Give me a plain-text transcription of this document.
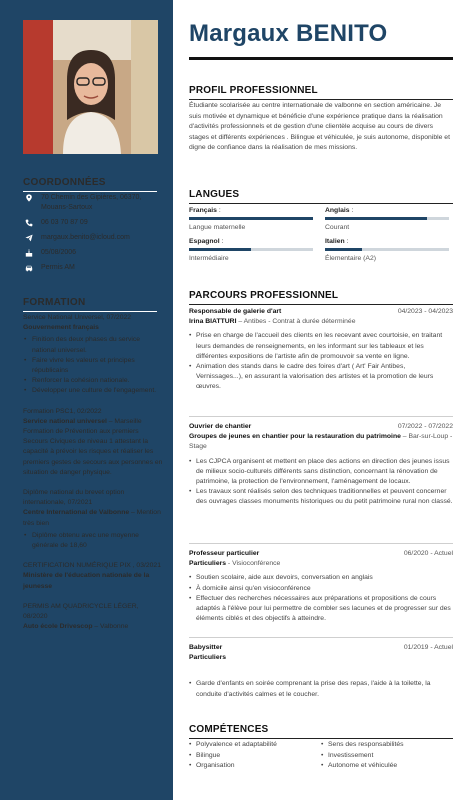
COORDONNÉES
70 Chemin des Gipières, 06370, Mouans-Sartoux
06 03 70 87 09
margaux.benito@icloud.com
05/08/2006
Permis AM
FORMATION
Service National Universel, 07/2022
Gouvernement français
• Finition des deux phases du service national universel.
• Faire vivre les valeurs et principes républicains
• Renforcer la cohésion nationale.
• Développer une culture de l'engagement.
Formation PSC1, 02/2022
Service national universel – Marseille Formation de Prévention aux premiers Secours Civiques de niveau 1 attestant la capacité à prévoir les risques et réaliser les premiers gestes de secours aux personnes en situation de danger physique.
Diplôme national du brevet option internationale, 07/2021
Centre International de Valbonne – Mention très bien
• Diplôme obtenu avec une moyenne générale de 18,60
CERTIFICATION NUMÉRIQUE PIX , 03/2021
Ministère de l'éducation nationale de la jeunesse
PERMIS AM QUADRICYCLE LÉGER, 08/2020
Auto école Drivescop – Valbonne
Margaux BENITO
PROFIL PROFESSIONNEL
Étudiante scolarisée au centre internationale de valbonne en section américaine. Je suis motivée et dynamique et bénéficie d'une expérience pratique dans la réalisation d'activités professionnels et de gestion d'une clientèle acquise au cours de divers stages et différents expériences . Bilingue et véhiculée, je suis autonome, disponible et digne de confiance dans la réalisation de mes missions.
LANGUES
Français :
Langue maternelle
Anglais :
Courant
Espagnol :
Intermédiaire
Italien :
Élementaire (A2)
PARCOURS PROFESSIONNEL
Responsable de galerie d'art	04/2023 - 04/2023
Irina BIATTURI – Antibes - Contrat à durée déterminée
• Prise en charge de l'accueil des clients en les recevant avec courtoisie, en traitant leurs demandes de renseignements, en les informant sur les tableaux et les différentes expositions de l'artiste afin de promouvoir sa vente en ligne.
• Animation des stands dans le cadre des foires d'art ( Art' Fair Antibes, Vernissages...), en assurant la valorisation des artistes et la promotion de leurs œuvres.
Ouvrier de chantier	07/2022 - 07/2022
Groupes de jeunes en chantier pour la restauration du patrimoine – Bar-sur-Loup - Stage
• Les CJPCA organisent et mettent en place des actions en direction des jeunes issus de milieux socio-culturels différents sans distinction, concernant la rénovation de patrimoine, la protection de l'environnement, l'aménagement de locaux.
• Les travaux sont réalisés selon des techniques traditionnelles et peuvent concerner des ouvrages classes monuments historiques ou du petit patrimoine rural non classé.
Professeur particulier	06/2020 - Actuel
Particuliers - Visioconférence
• Soutien scolaire, aide aux devoirs, conversation en anglais
• À domicile ainsi qu'en visioconférence
• Effectuer des recherches nécessaires aux préparations et propositions de cours adaptés à l'élève pour lui permettre de combler ses lacunes et de progresser sur des éléments ciblés et des objectifs à atteindre.
Babysitter	01/2019 - Actuel
Particuliers
• Garde d'enfants en soirée comprenant la prise des repas, l'aide à la toilette, la conduite d'activités calmes et le coucher.
COMPÉTENCES
• Polyvalence et adaptabilité
• Bilingue
• Organisation
• Sens des responsabilités
• Investissement
• Autonome et véhiculée
